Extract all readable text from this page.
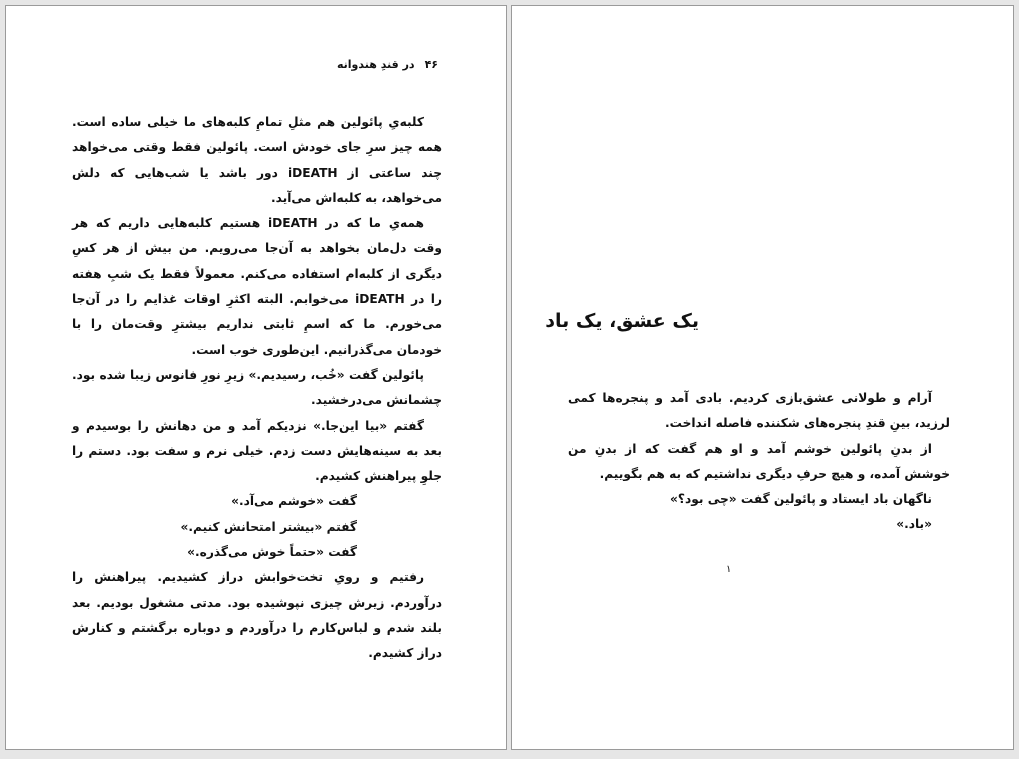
۴۶در قندِ هندوانه

کلبه‌یِ پائولین هم مثلِ تمامِ کلبه‌های ما خیلی ساده است. همه چیز سرِ جای خودش است. پائولین فقط وقتی می‌خواهد چند ساعتی از iDEATH دور باشد یا شب‌هایی که دلش می‌خواهد، به کلبه‌اش می‌آید.

همه‌یِ ما که در iDEATH هستیم کلبه‌هایی داریم که هر وقت دل‌مان بخواهد به آن‌جا می‌رویم. من بیش از هر کسِ دیگری از کلبه‌ام استفاده می‌کنم. معمولاً فقط یک شبِ هفته را در iDEATH می‌خوابم. البته اکثرِ اوقات غذایم را در آن‌جا می‌خورم. ما که اسمِ ثابتی نداریم بیشترِ وقت‌مان را با خودمان می‌گذرانیم. این‌طوری خوب است.

پائولین گفت «خُب، رسیدیم.» زیرِ نورِ فانوس زیبا شده بود. چشمانش می‌درخشید.

گفتم «بیا این‌جا.» نزدیکم آمد و من دهانش را بوسیدم و بعد به سینه‌هایش دست زدم. خیلی نرم و سفت بود. دستم را جلوِ پیراهنش کشیدم.

گفت «خوشم می‌آد.»

گفتم «بیشتر امتحانش کنیم.»

گفت «حتماً خوش می‌گذره.»

رفتیم و رویِ تخت‌خوابش دراز کشیدیم. پیراهنش را درآوردم. زیرش چیزی نپوشیده بود. مدتی مشغول بودیم. بعد بلند شدم و لباس‌کارم را درآوردم و دوباره برگشتم و کنارش دراز کشیدم.

یک عشق، یک باد

آرام و طولانی عشق‌بازی کردیم. بادی آمد و پنجره‌ها کمی لرزید، بینِ قندِ پنجره‌های شکننده فاصله انداخت.

از بدنِ پائولین خوشم آمد و او هم گفت که از بدنِ من خوشش آمده، و هیچ حرفِ دیگری نداشتیم که به هم بگوییم.

ناگهان باد ایستاد و پائولین گفت «چی بود؟»

«باد.»

۱
